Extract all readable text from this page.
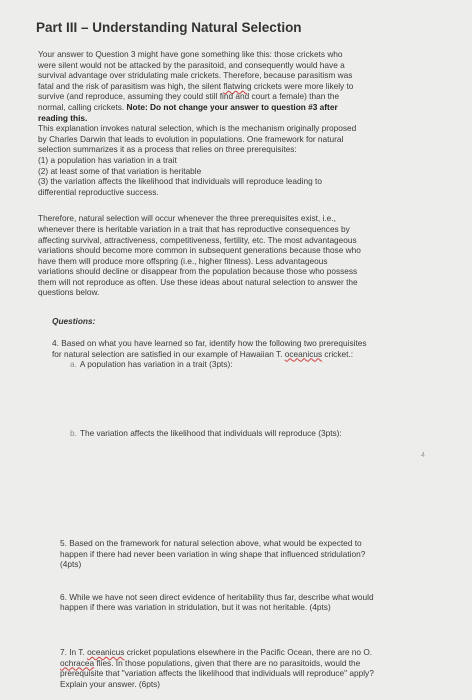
Part III – Understanding Natural Selection
Your answer to Question 3 might have gone something like this: those crickets who
were silent would not be attacked by the parasitoid, and consequently would have a
survival advantage over stridulating male crickets. Therefore, because parasitism was
fatal and the risk of parasitism was high, the silent flatwing crickets were more likely to
survive (and reproduce, assuming they could still find and court a female) than the
normal, calling crickets. Note: Do not change your answer to question #3 after
reading this.
This explanation invokes natural selection, which is the mechanism originally proposed
by Charles Darwin that leads to evolution in populations. One framework for natural
selection summarizes it as a process that relies on three prerequisites:
(1) a population has variation in a trait
(2) at least some of that variation is heritable
(3) the variation affects the likelihood that individuals will reproduce leading to
differential reproductive success.
Therefore, natural selection will occur whenever the three prerequisites exist, i.e.,
whenever there is heritable variation in a trait that has reproductive consequences by
affecting survival, attractiveness, competitiveness, fertility, etc. The most advantageous
variations should become more common in subsequent generations because those who
have them will produce more offspring (i.e., higher fitness). Less advantageous
variations should decline or disappear from the population because those who possess
them will not reproduce as often. Use these ideas about natural selection to answer the
questions below.
Questions:
4. Based on what you have learned so far, identify how the following two prerequisites
for natural selection are satisfied in our example of Hawaiian T. oceanicus cricket.:
a. A population has variation in a trait (3pts):
b. The variation affects the likelihood that individuals will reproduce (3pts):
4
5. Based on the framework for natural selection above, what would be expected to
happen if there had never been variation in wing shape that influenced stridulation?
(4pts)
6. While we have not seen direct evidence of heritability thus far, describe what would
happen if there was variation in stridulation, but it was not heritable. (4pts)
7. In T. oceanicus cricket populations elsewhere in the Pacific Ocean, there are no O.
ochracea flies. In those populations, given that there are no parasitoids, would the
prerequisite that "variation affects the likelihood that individuals will reproduce" apply?
Explain your answer. (6pts)
